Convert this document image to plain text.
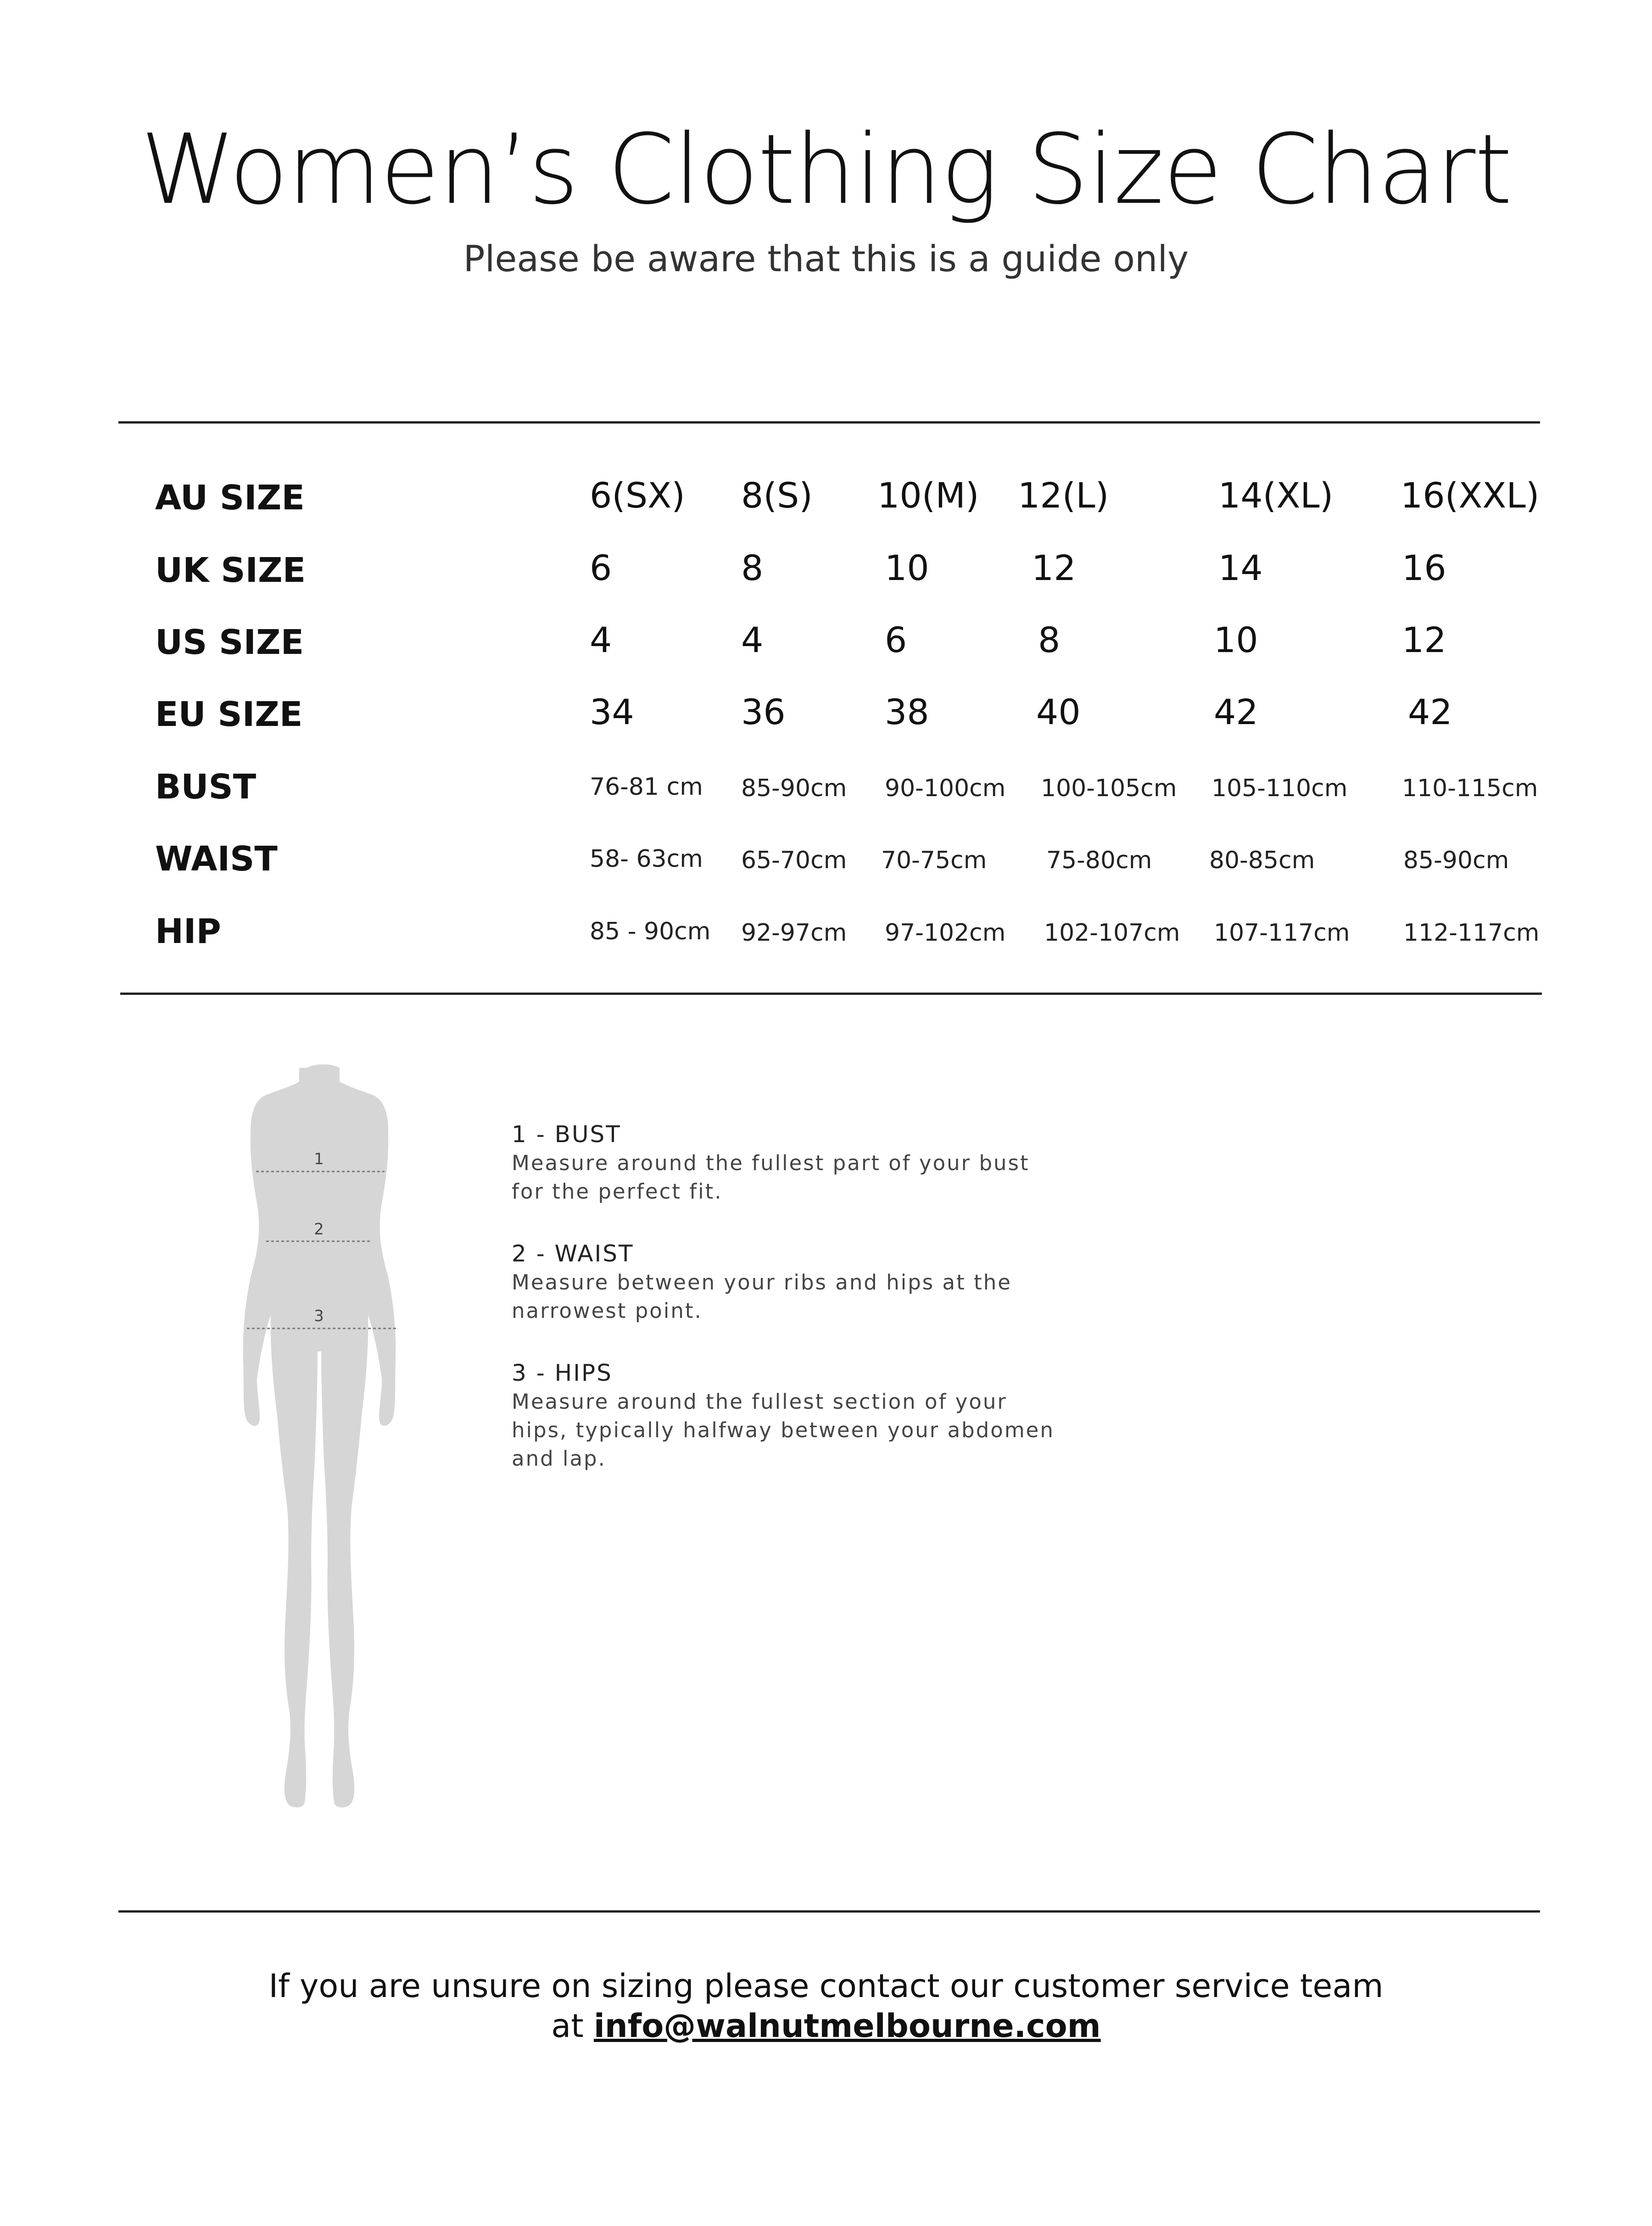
Women’s Clothing Size Chart
Please be aware that this is a guide only
AU SIZE	6(SX) 8(S) 10(M) 12(L)	14(XL) 16(XXL)
UK SIZE	6	8	10	12	14	16
US SIZE	4	4	6	8	10	12
EU SIZE	34	36	38	40	42	42
BUST	76-81 cm 85-90cm 90-100cm 100-105cm 105-110cm 110-115cm
WAIST	58- 63cm 65-70cm 70-75cm 75-80cm 80-85cm	85-90cm
HIP	85 - 90cm 92-97cm 97-102cm 102-107cm 107-117cm 112-117cm
1
2
3
1 - BUST
Measure around the fullest part of your bust
for the perfect fit.
2 - WAIST
Measure between your ribs and hips at the
narrowest point.
3 - HIPS
Measure around the fullest section of your
hips, typically halfway between your abdomen
and lap.
If you are unsure on sizing please contact our customer service team
at info@walnutmelbourne.com
